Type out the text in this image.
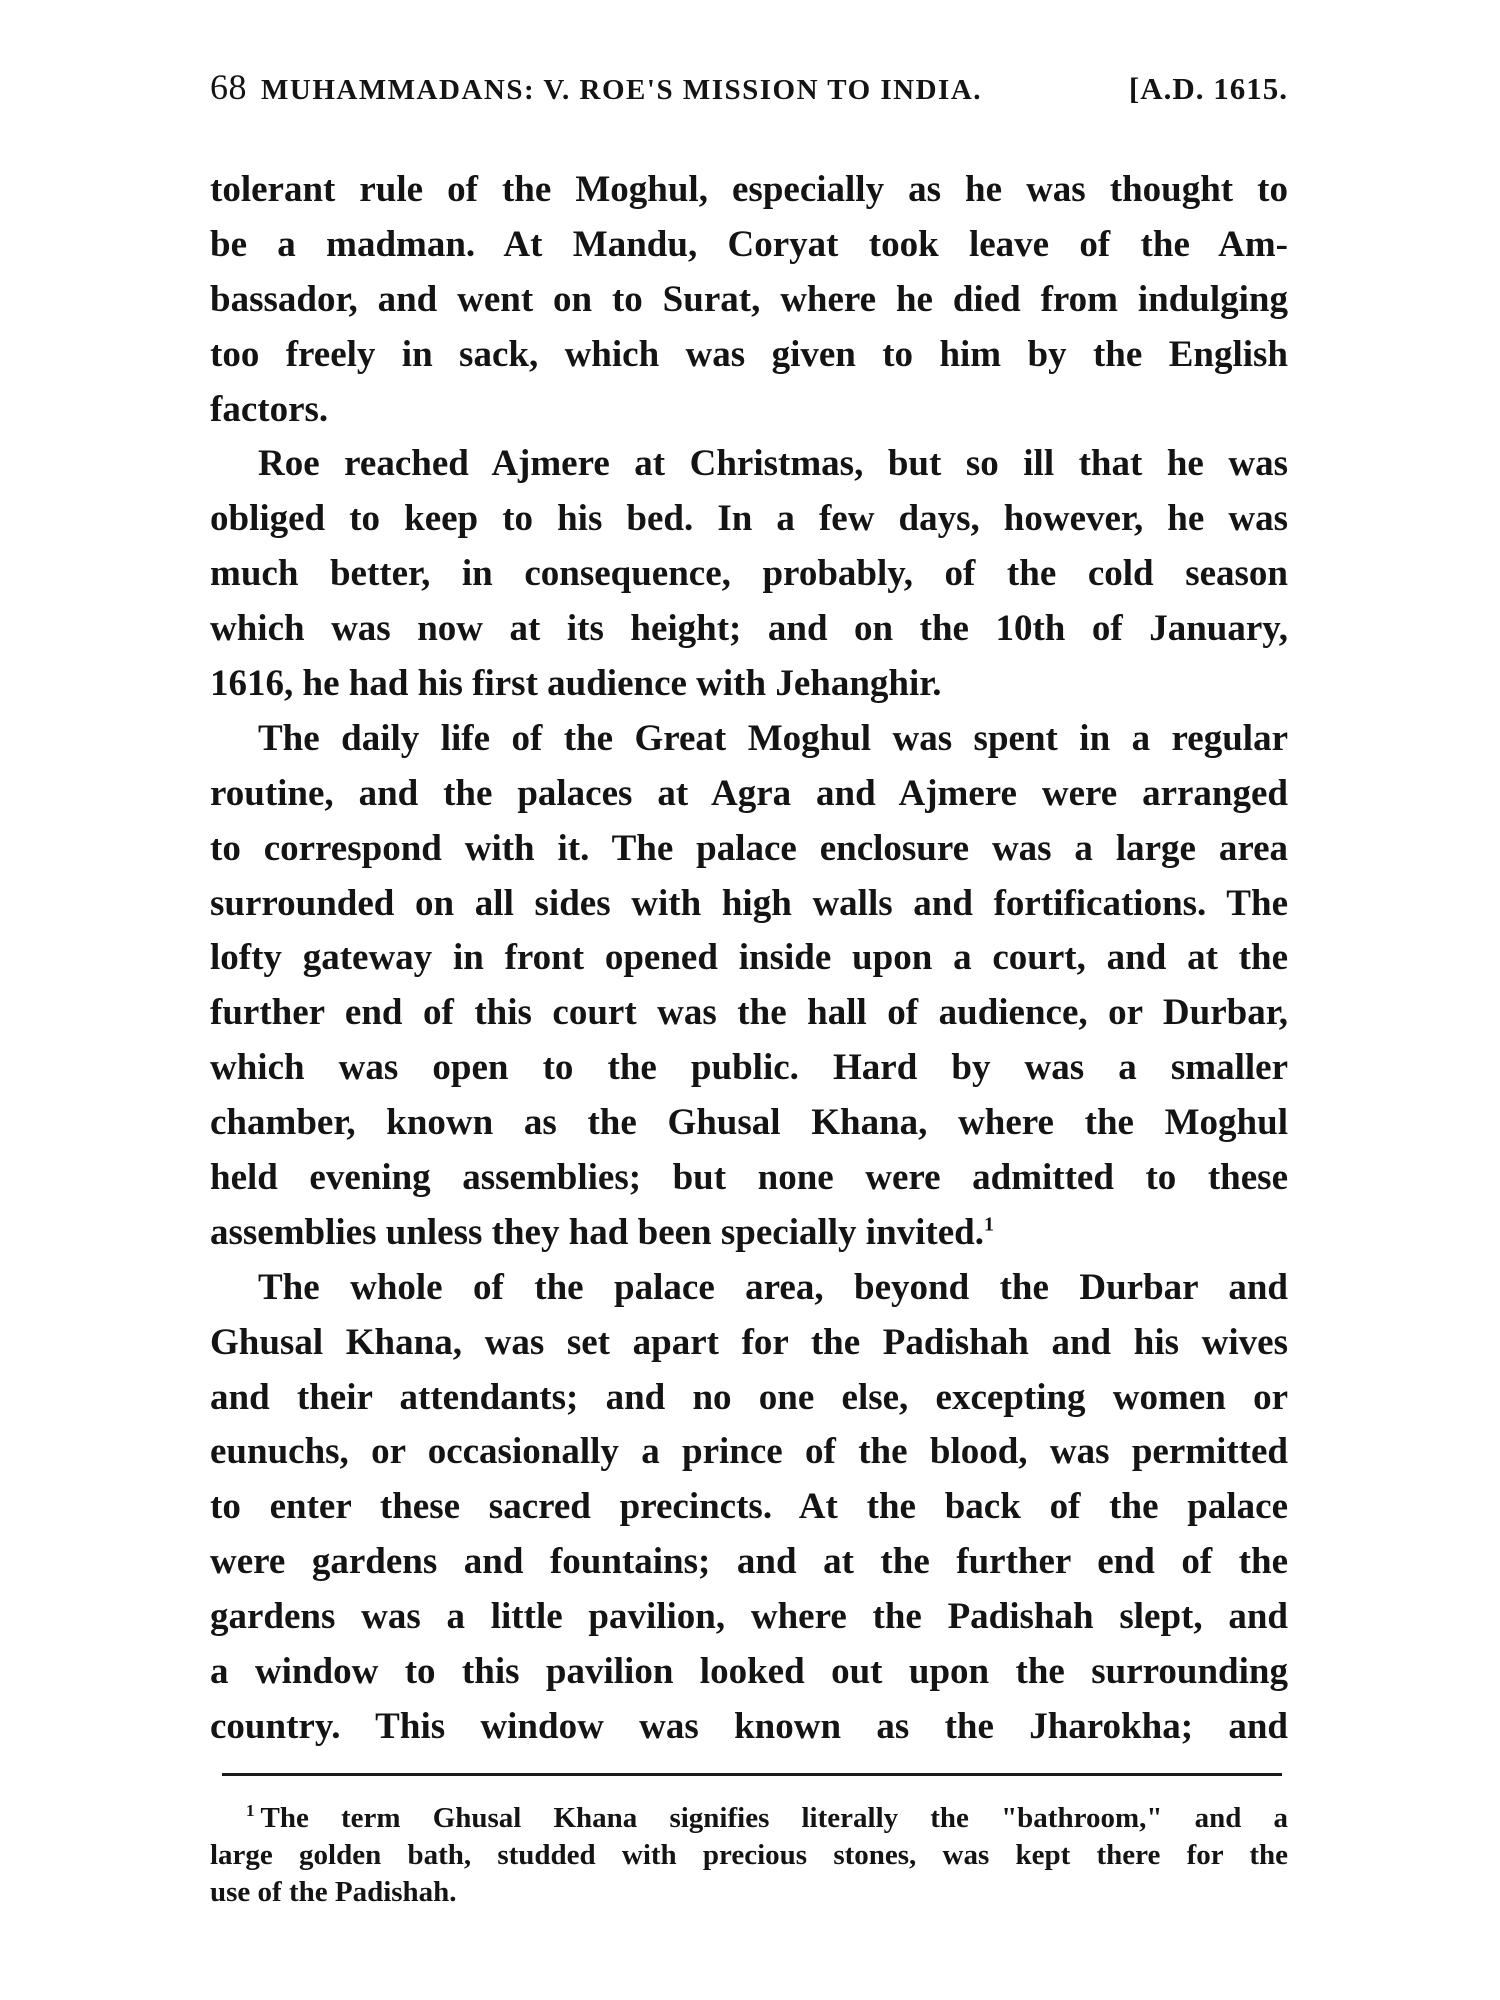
68 MUHAMMADANS: V. ROE'S MISSION TO INDIA.	[A.D. 1615.

tolerant rule of the Moghul, especially as he was thought to
be a madman. At Mandu, Coryat took leave of the Am-
bassador, and went on to Surat, where he died from indulging
too freely in sack, which was given to him by the English
factors.

Roe reached Ajmere at Christmas, but so ill that he was
obliged to keep to his bed. In a few days, however, he was
much better, in consequence, probably, of the cold season
which was now at its height; and on the 10th of January,
1616, he had his first audience with Jehanghir.

The daily life of the Great Moghul was spent in a regular
routine, and the palaces at Agra and Ajmere were arranged
to correspond with it. The palace enclosure was a large area
surrounded on all sides with high walls and fortifications. The
lofty gateway in front opened inside upon a court, and at the
further end of this court was the hall of audience, or Durbar,
which was open to the public. Hard by was a smaller
chamber, known as the Ghusal Khana, where the Moghul
held evening assemblies; but none were admitted to these
assemblies unless they had been specially invited.$^1$

The whole of the palace area, beyond the Durbar and
Ghusal Khana, was set apart for the Padishah and his wives
and their attendants; and no one else, excepting women or
eunuchs, or occasionally a prince of the blood, was permitted
to enter these sacred precincts. At the back of the palace
were gardens and fountains; and at the further end of the
gardens was a little pavilion, where the Padishah slept, and
a window to this pavilion looked out upon the surrounding
country. This window was known as the Jharokha; and

$^1$ The term Ghusal Khana signifies literally the "bathroom," and a
large golden bath, studded with precious stones, was kept there for the
use of the Padishah.
